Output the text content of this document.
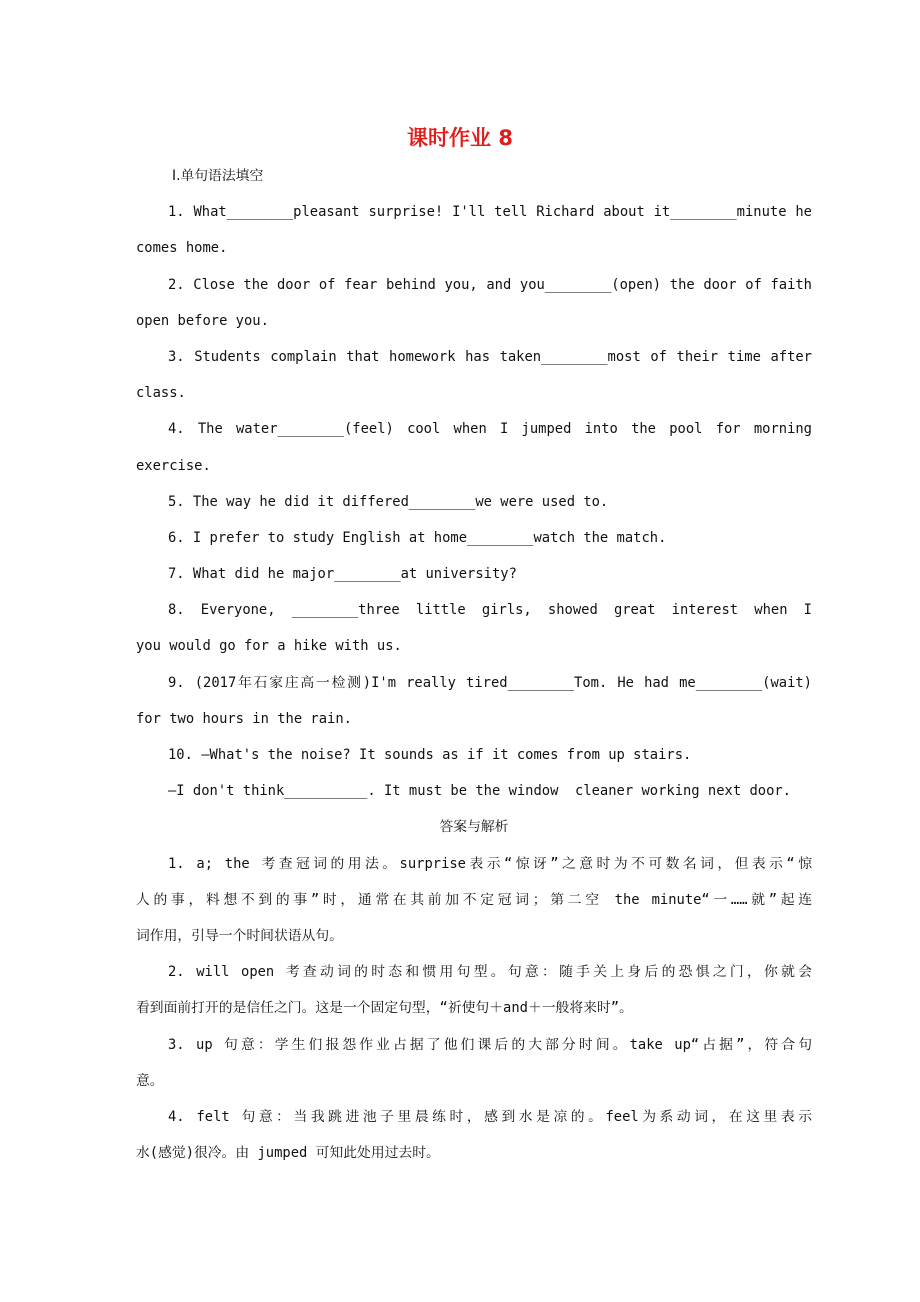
课时作业 8
Ⅰ.单句语法填空
1. What________pleasant surprise! I'll tell Richard about it________minute he
comes home.
2. Close the door of fear behind you, and you________(open) the door of faith
open before you.
3. Students complain that homework has taken________most of their time after
class.
4. The water________(feel) cool when I jumped into the pool for morning
exercise.
5. The way he did it differed________we were used to.
6. I prefer to study English at home________watch the match.
7. What did he major________at university?
8. Everyone, ________three little girls, showed great interest when I
you would go for a hike with us.
9. (2017年石家庄高一检测)I'm really tired________Tom. He had me________(wait)
for two hours in the rain.
10. —What's the noise? It sounds as if it comes from up stairs.
—I don't think__________. It must be the window  cleaner working next door.
答案与解析
1. a; the 考查冠词的用法。surprise表示“惊讶”之意时为不可数名词，但表示“惊
人的事，料想不到的事”时，通常在其前加不定冠词；第二空 the minute“一……就”起连
词作用，引导一个时间状语从句。
2. will open 考查动词的时态和惯用句型。句意：随手关上身后的恐惧之门，你就会
看到面前打开的是信任之门。这是一个固定句型，“祈使句＋and＋一般将来时”。
3. up 句意：学生们报怨作业占据了他们课后的大部分时间。take up“占据”，符合句
意。
4. felt 句意：当我跳进池子里晨练时，感到水是凉的。feel为系动词，在这里表示
水(感觉)很冷。由 jumped 可知此处用过去时。
